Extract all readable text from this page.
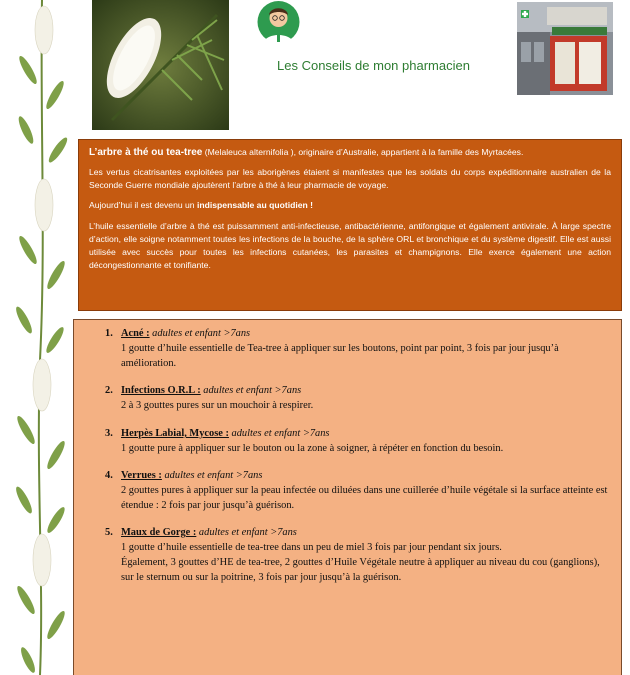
Les Conseils de mon pharmacien

L’arbre à thé ou tea-tree (Melaleuca alternifolia ), originaire d’Australie, appartient à la famille des Myrtacées.

Les vertus cicatrisantes exploitées par les aborigènes étaient si manifestes que les soldats du corps expéditionnaire australien de la Seconde Guerre mondiale ajoutèrent l’arbre à thé à leur pharmacie de voyage.

Aujourd’hui il est devenu un indispensable au quotidien !

L’huile essentielle d’arbre à thé est puissamment anti-infectieuse, antibactérienne, antifongique et également antivirale. À large spectre d’action, elle soigne notamment toutes les infections de la bouche, de la sphère ORL et bronchique et du système digestif. Elle est aussi utilisée avec succès pour toutes les infections cutanées, les parasites et champignons. Elle exerce également une action décongestionnante et tonifiante.

1. Acné : adultes et enfant >7ans
1 goutte d’huile essentielle de Tea-tree à appliquer sur les boutons, point par point, 3 fois par jour jusqu’à amélioration.
2. Infections O.R.L : adultes et enfant >7ans
2 à 3 gouttes pures sur un mouchoir à respirer.
3. Herpès Labial, Mycose : adultes et enfant >7ans
1 goutte pure à appliquer sur le bouton ou la zone à soigner, à répéter en fonction du besoin.
4. Verrues : adultes et enfant >7ans
2 gouttes pures à appliquer sur la peau infectée ou diluées dans une cuillerée d’huile végétale si la surface atteinte est étendue : 2 fois par jour jusqu’à guérison.
5. Maux de Gorge : adultes et enfant >7ans
1 goutte d’huile essentielle de tea-tree dans un peu de miel 3 fois par jour pendant six jours.
Également, 3 gouttes d’HE de tea-tree, 2 gouttes d’Huile Végétale neutre à appliquer au niveau du cou (ganglions), sur le sternum ou sur la poitrine, 3 fois par jour jusqu’à la guérison.
